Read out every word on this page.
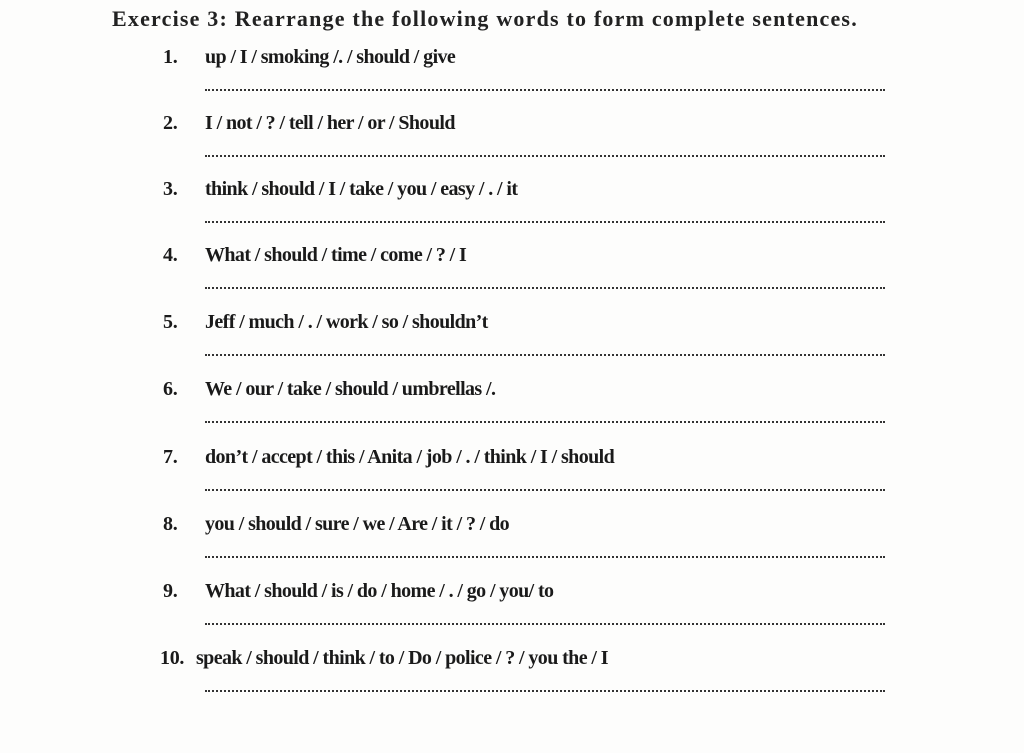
Exercise 3: Rearrange the following words to form complete sentences.
1. up / I / smoking /. / should / give
2. I / not / ? / tell / her / or / Should
3. think / should / I / take / you / easy / . / it
4. What / should / time / come / ? / I
5. Jeff / much / . / work / so / shouldn’t
6. We / our / take / should / umbrellas /.
7. don’t / accept / this / Anita / job / . / think / I / should
8. you / should / sure / we / Are / it / ? / do
9. What / should / is / do / home / . / go / you/ to
10. speak / should / think / to / Do / police / ? / you the / I
